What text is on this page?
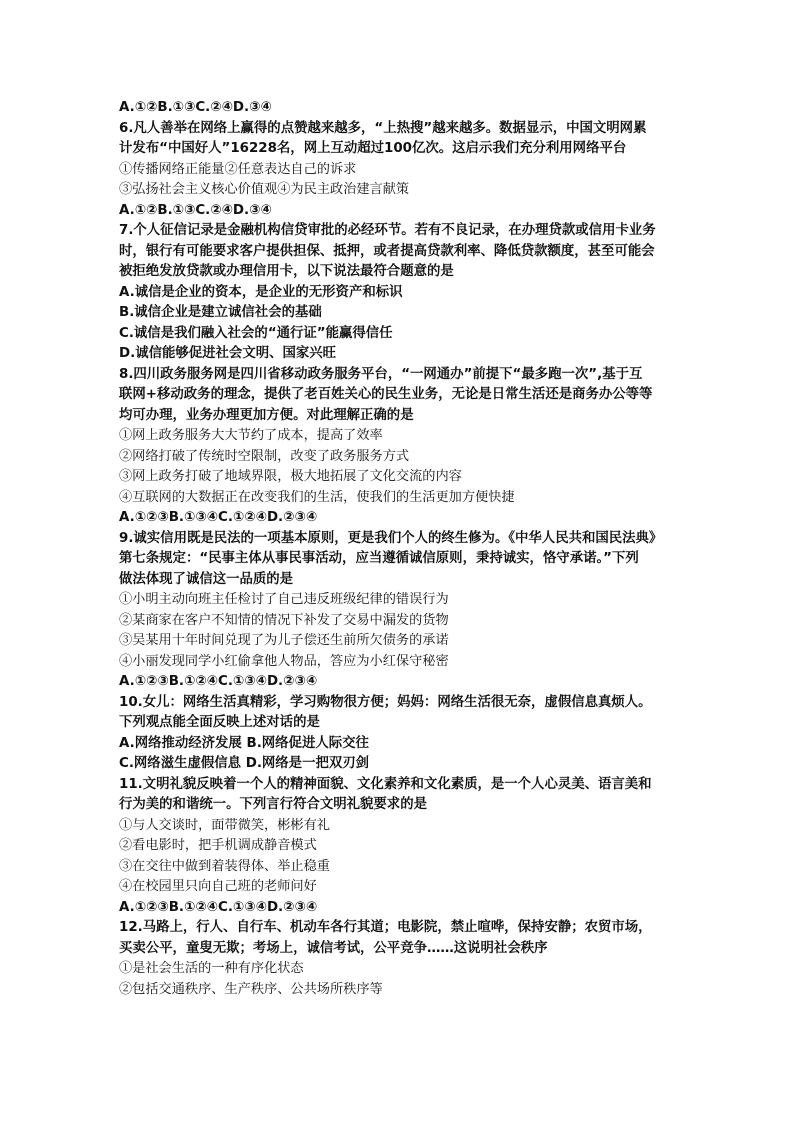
A.①②B.①③C.②④D.③④
6.凡人善举在网络上赢得的点赞越来越多，“上热搜”越来越多。数据显示，中国文明网累
计发布“中国好人”16228名，网上互动超过100亿次。这启示我们充分利用网络平台
①传播网络正能量②任意表达自己的诉求
③弘扬社会主义核心价值观④为民主政治建言献策
A.①②B.①③C.②④D.③④
7.个人征信记录是金融机构信贷审批的必经环节。若有不良记录，在办理贷款或信用卡业务
时，银行有可能要求客户提供担保、抵押，或者提高贷款利率、降低贷款额度，甚至可能会
被拒绝发放贷款或办理信用卡，以下说法最符合题意的是
A.诚信是企业的资本，是企业的无形资产和标识
B.诚信企业是建立诚信社会的基础
C.诚信是我们融入社会的“通行证”能赢得信任
D.诚信能够促进社会文明、国家兴旺
8.四川政务服务网是四川省移动政务服务平台，“一网通办”前提下“最多跑一次”,基于互
联网+移动政务的理念，提供了老百姓关心的民生业务，无论是日常生活还是商务办公等等
均可办理，业务办理更加方便。对此理解正确的是
①网上政务服务大大节约了成本，提高了效率
②网络打破了传统时空限制，改变了政务服务方式
③网上政务打破了地域界限，极大地拓展了文化交流的内容
④互联网的大数据正在改变我们的生活，使我们的生活更加方便快捷
A.①②③B.①③④C.①②④D.②③④
9.诚实信用既是民法的一项基本原则，更是我们个人的终生修为。《中华人民共和国民法典》
第七条规定：“民事主体从事民事活动，应当遵循诚信原则，秉持诚实，恪守承诺。”下列
做法体现了诚信这一品质的是
①小明主动向班主任检讨了自己违反班级纪律的错误行为
②某商家在客户不知情的情况下补发了交易中漏发的货物
③吴某用十年时间兑现了为儿子偿还生前所欠债务的承诺
④小丽发现同学小红偷拿他人物品，答应为小红保守秘密
A.①②③B.①②④C.①③④D.②③④
10.女儿：网络生活真精彩，学习购物很方便；妈妈：网络生活很无奈，虚假信息真烦人。
下列观点能全面反映上述对话的是
A.网络推动经济发展 B.网络促进人际交往
C.网络滋生虚假信息 D.网络是一把双刃剑
11.文明礼貌反映着一个人的精神面貌、文化素养和文化素质，是一个人心灵美、语言美和
行为美的和谐统一。下列言行符合文明礼貌要求的是
①与人交谈时，面带微笑，彬彬有礼
②看电影时，把手机调成静音模式
③在交往中做到着装得体、举止稳重
④在校园里只向自己班的老师问好
A.①②③B.①②④C.①③④D.②③④
12.马路上，行人、自行车、机动车各行其道；电影院，禁止喧哗，保持安静；农贸市场，
买卖公平，童叟无欺；考场上，诚信考试，公平竞争……这说明社会秩序
①是社会生活的一种有序化状态
②包括交通秩序、生产秩序、公共场所秩序等
